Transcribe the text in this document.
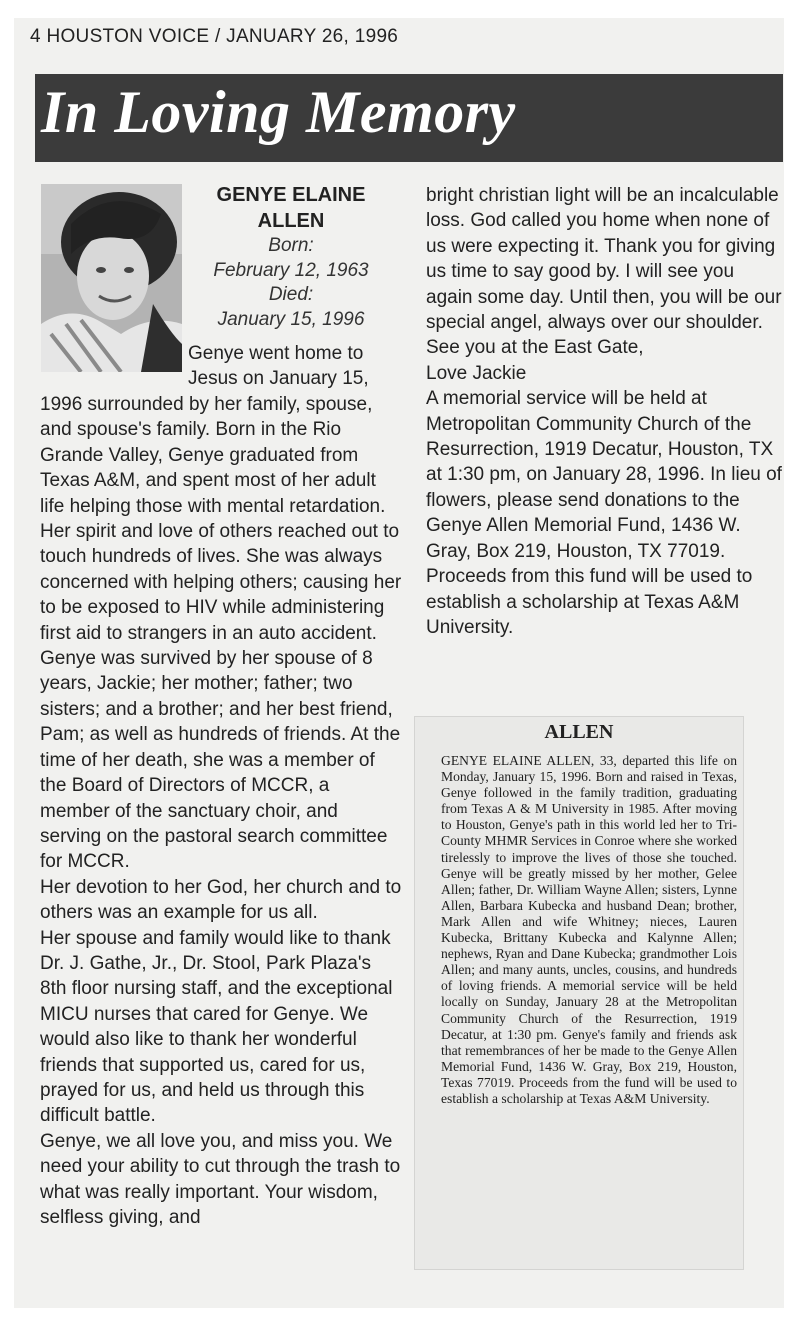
4 HOUSTON VOICE / JANUARY 26, 1996
In Loving Memory
GENYE ELAINE
ALLEN
Born:
February 12, 1963
Died:
January 15, 1996

Genye went home to

Jesus on January 15,

1996 surrounded by her family, spouse, and spouse's family. Born in the Rio Grande Valley, Genye graduated from Texas A&M, and spent most of her adult life helping those with mental retardation.

Her spirit and love of others reached out to touch hundreds of lives. She was always concerned with helping others; causing her to be exposed to HIV while administering first aid to strangers in an auto accident.

Genye was survived by her spouse of 8 years, Jackie; her mother; father; two sisters; and a brother; and her best friend, Pam; as well as hundreds of friends. At the time of her death, she was a member of the Board of Directors of MCCR, a member of the sanctuary choir, and serving on the pastoral search committee for MCCR.

Her devotion to her God, her church and to others was an example for us all.

Her spouse and family would like to thank Dr. J. Gathe, Jr., Dr. Stool, Park Plaza's 8th floor nursing staff, and the exceptional MICU nurses that cared for Genye. We would also like to thank her wonderful friends that supported us, cared for us, prayed for us, and held us through this difficult battle.

Genye, we all love you, and miss you. We need your ability to cut through the trash to what was really important. Your wisdom, selfless giving, and

bright christian light will be an incalculable loss. God called you home when none of us were expecting it. Thank you for giving us time to say good by. I will see you again some day. Until then, you will be our special angel, always over our shoulder.

See you at the East Gate,

Love Jackie

A memorial service will be held at Metropolitan Community Church of the Resurrection, 1919 Decatur, Houston, TX at 1:30 pm, on January 28, 1996. In lieu of flowers, please send donations to the Genye Allen Memorial Fund, 1436 W. Gray, Box 219, Houston, TX 77019. Proceeds from this fund will be used to establish a scholarship at Texas A&M University.

ALLEN

GENYE ELAINE ALLEN, 33, departed this life on Monday, January 15, 1996. Born and raised in Texas, Genye followed in the family tradition, graduating from Texas A & M University in 1985. After moving to Houston, Genye's path in this world led her to Tri-County MHMR Services in Conroe where she worked tirelessly to improve the lives of those she touched. Genye will be greatly missed by her mother, Gelee Allen; father, Dr. William Wayne Allen; sisters, Lynne Allen, Barbara Kubecka and husband Dean; brother, Mark Allen and wife Whitney; nieces, Lauren Kubecka, Brittany Kubecka and Kalynne Allen; nephews, Ryan and Dane Kubecka; grandmother Lois Allen; and many aunts, uncles, cousins, and hundreds of loving friends. A memorial service will be held locally on Sunday, January 28 at the Metropolitan Community Church of the Resurrection, 1919 Decatur, at 1:30 pm. Genye's family and friends ask that remembrances of her be made to the Genye Allen Memorial Fund, 1436 W. Gray, Box 219, Houston, Texas 77019. Proceeds from the fund will be used to establish a scholarship at Texas A&M University.
